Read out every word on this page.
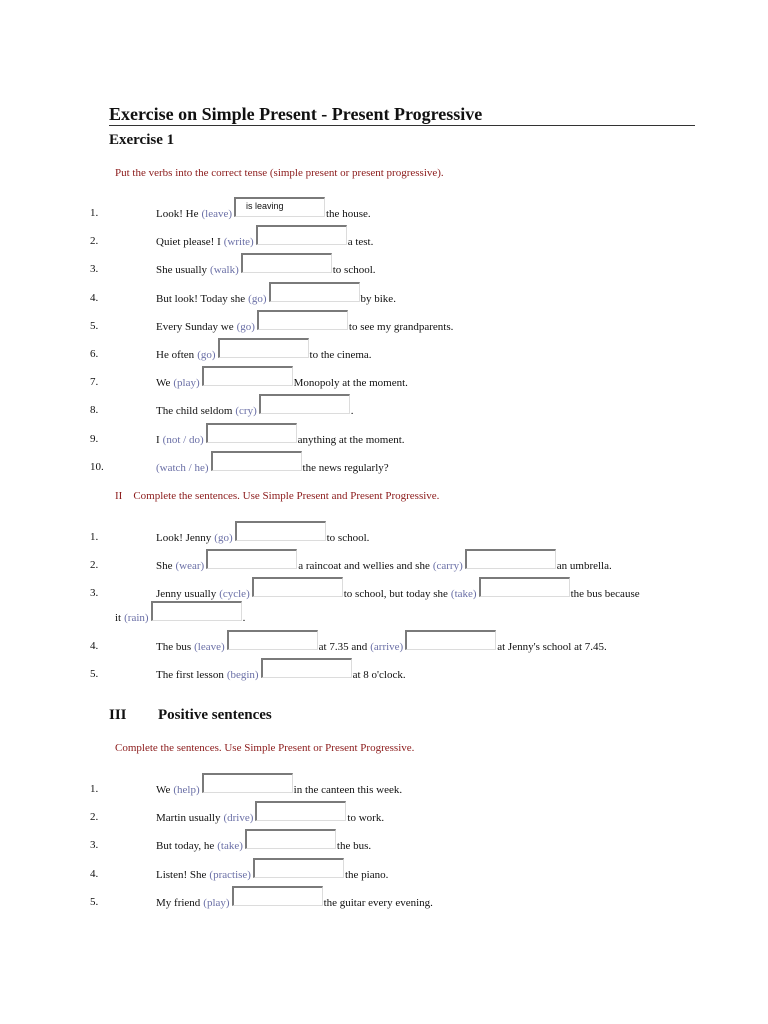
Exercise on Simple Present - Present Progressive
Exercise 1
Put the verbs into the correct tense (simple present or present progressive).
1.	Look! He (leave)
is leaving
the house.
2.	Quiet please! I (write)	a test.
3.	She usually (walk)	to school.
4.	But look! Today she (go)	by bike.
5.	Every Sunday we (go)	to see my grandparents.
6.	He often (go)	to the cinema.
7.	We (play)	Monopoly at the moment.
8.	The child seldom (cry)	.
9.	I (not / do)	anything at the moment.
10.	(watch / he)	the news regularly?
II    Complete the sentences. Use Simple Present and Present Progressive.
1.	Look! Jenny (go)	to school.
2.	She (wear)	a raincoat and wellies and she (carry)	an umbrella.
3.	Jenny usually (cycle)	to school, but today she (take)	the bus because
it (rain)	.
4.	The bus (leave)	at 7.35 and (arrive)	at Jenny's school at 7.45.
5.	The first lesson (begin)	at 8 o'clock.
III Positive sentences
Complete the sentences. Use Simple Present or Present Progressive.
1.	We (help)	in the canteen this week.
2.	Martin usually (drive)	to work.
3.	But today, he (take)	the bus.
4.	Listen! She (practise)	the piano.
5.	My friend (play)	the guitar every evening.
